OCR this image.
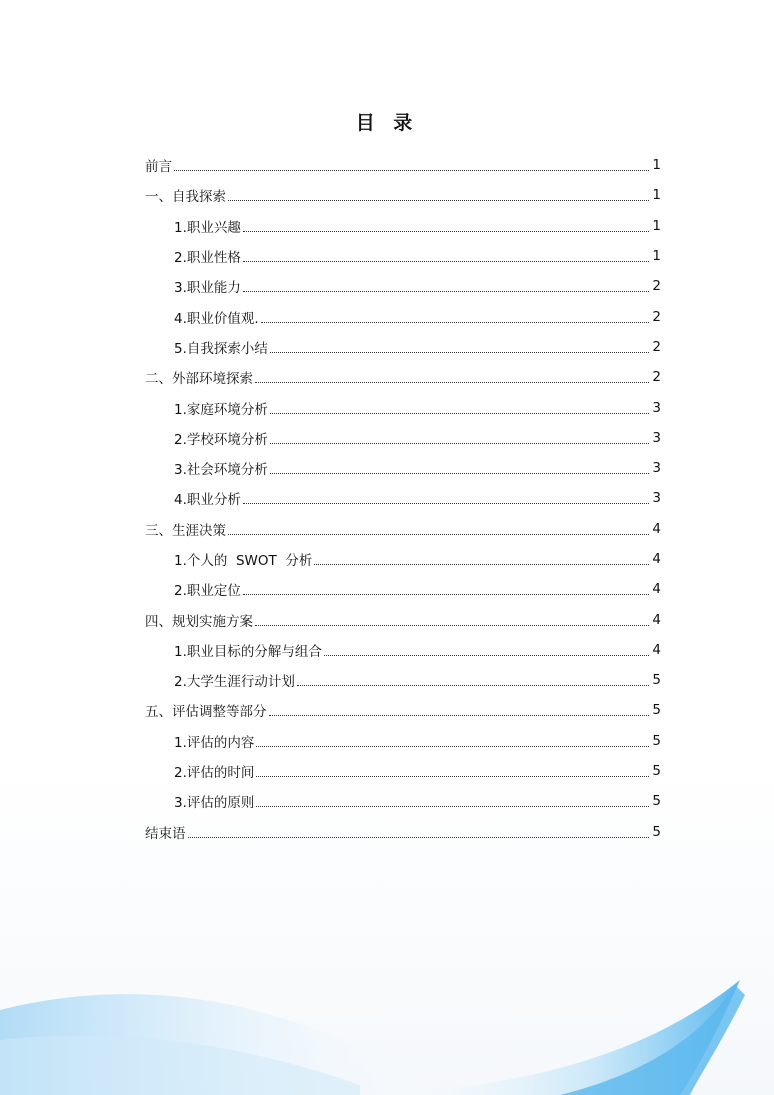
目 录
前言	1
一、自我探索	1
1.职业兴趣	1
2.职业性格	1
3.职业能力	2
4.职业价值观.	2
5.自我探索小结	2
二、外部环境探索	2
1.家庭环境分析	3
2.学校环境分析	3
3.社会环境分析	3
4.职业分析	3
三、生涯决策	4
1.个人的  SWOT  分析	4
2.职业定位	4
四、规划实施方案	4
1.职业目标的分解与组合	4
2.大学生涯行动计划	5
五、评估调整等部分	5
1.评估的内容	5
2.评估的时间	5
3.评估的原则	5
结束语	5
